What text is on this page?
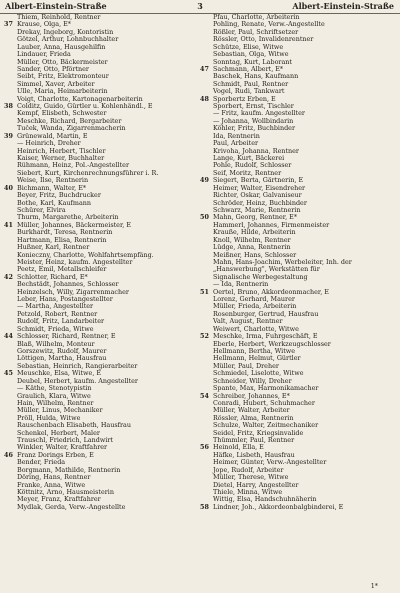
Albert-Einstein-Straße	3	Albert-Einstein-Straße
Thiem, Reinhold, Rentner
37 Krause, Olga, E*
Drekay, Ingeborg, Kontoristin
Götzel, Arthur, Lohnbuchhalter
Lauber, Anna, Hausgehilfin
Lindauer, Frieda
Müller, Otto, Bäckermeister
Sander, Otto, Pförtner
Seibt, Fritz, Elektromonteur
Simmel, Xaver, Arbeiter
Ulle, Maria, Heimarbeiterin
Voigt, Charlotte, Kartonagenarbeiterin
38 Colditz, Guido, Gürtler u. Kohlenhändl., E
Kempf, Elisbeth, Schwester
Meschke, Richard, Bergarbeiter
Tuček, Wanda, Zigarrenmacherin
39 Grünewald, Martin, E
— Heinrich, Dreher
Heinrich, Herbert, Tischler
Kaiser, Werner, Buchhalter
Rühmann, Heinz, Pol.-Angestellter
Siebert, Kurt, Kirchenrechnungsführer i. R.
Weise, Ilse, Rentnerin
40 Bichmann, Walter, E*
Beyer, Fritz, Buchdrucker
Bothe, Karl, Kaufmann
Schürer, Elvira
Thurm, Margarethe, Arbeiterin
41 Müller, Johannes, Bäckermeister, E
Burkhardt, Teresa, Rentnerin
Hartmann, Elisa, Rentnerin
Hußner, Karl, Rentner
Konieczny, Charlotte, Wohlfahrtsempfäng.
Meister, Heinz, kaufm. Angestellter
Peetz, Emil, Metallschleifer
42 Schlotter, Richard, E*
Bechstädt, Johannes, Schlosser
Heinzelsch, Willy, Zigarrenmacher
Leber, Hans, Postangestellter
— Martha, Angestellter
Petzold, Robert, Rentner
Rudolf, Fritz, Landarbeiter
Schmidt, Frieda, Witwe
44 Schlosser, Richard, Rentner, E
Blaß, Wilhelm, Monteur
Gorszewitz, Rudolf, Maurer
Löttigen, Martha, Hausfrau
Sebastian, Heinrich, Rangierarbeiter
45 Meuschke, Elsa, Witwe, E
Deubel, Herbert, kaufm. Angestellter
— Käthe, Stenotypistin
Graulich, Klara, Witwe
Hain, Wilhelm, Rentner
Müller, Linus, Mechaniker
Pröll, Hulda, Witwe
Rauschenbach Elisabeth, Hausfrau
Schenkel, Herbert, Maler
Trauschl, Friedrich, Landwirt
Winkler, Walter, Kraftfahrer
46 Franz Dorings Erben, E
Bender, Frieda
Borgmann, Mathilde, Rentnerin
Döring, Hans, Rentner
Franke, Anna, Witwe
Köttnitz, Arno, Hausmeisterin
Meyer, Franz, Kraftfahrer
Mydlak, Gerda, Verw.-Angestellte
Pfau, Charlotte, Arbeiterin
Pohling, Renate, Verw.-Angestellte
Rößler, Paul, Schriftsetzer
Rössler, Otto, Invalidenrentner
Schütze, Elise, Witwe
Sebastian, Olga, Witwe
Sonntag, Kurt, Laborant
47 Sachmann, Albert, E*
Baschek, Hans, Kaufmann
Schmidt, Paul, Rentner
Vogel, Rudi, Tankwart
48 Sporbertz Erben, E
Sporbert, Ernst, Tischler
— Fritz, kaufm. Angestellter
— Johanna, Wollbindarin
Köhler, Fritz, Buchbinder
Ida, Rentnerin
Paul, Arbeiter
Krivoha, Johanna, Rentner
Lange, Kurt, Bäckerei
Pohle, Rudolf, Schlosser
Seif, Moritz, Rentner
49 Siegert, Berta, Gärtnerin, E
Heimer, Walter, Eisendreher
Richter, Oskar, Galvaniseur
Schröder, Heinz, Buchbinder
Schwarz, Marie, Rentnerin
50 Mahn, Georg, Rentner, E*
Hammerl, Johannes, Firmenmeister
Krauße, Hilde, Arbeiterin
Knoll, Wilhelm, Rentner
Lüdge, Anna, Rentnerin
Meißner, Hans, Schlosser
Mahn, Hans-Joachim, Werbeleiter, Inh. der
„Hanswerbung", Werkstätten für
Signalische Werbegestaltung
— Ida, Rentnerin
51 Oertel, Bruno, Akkordeonmacher, E
Lorenz, Gerhard, Maurer
Müller, Frieda, Arbeiterin
Rosenburger, Gertrud, Hausfrau
Valt, August, Rentner
Weiwert, Charlotte, Witwe
52 Meschke, Irma, Fuhrgeschäft, E
Eberle, Herbert, Werkzeugschlosser
Hellmann, Bertha, Witwe
Hellmann, Helmut, Gürtler
Müller, Paul, Dreher
Schmiedel, Liselotte, Witwe
Schneider, Willy, Dreher
Spante, Max, Harmonikamacher
54 Schreiber, Johannes, E*
Conradi, Hubert, Schuhmacher
Müller, Walter, Arbeiter
Rössler, Alma, Rentnerin
Schulze, Walter, Zeitmechaniker
Seidel, Fritz, Kriegsinvalide
Thümmler, Paul, Rentner
56 Heinold, Ella, E
Häfke, Lisbeth, Hausfrau
Heimer, Günter, Verw.-Angestellter
Jope, Rudolf, Arbeiter
Müller, Therese, Witwe
Dietel, Harry, Angestellter
Thiele, Minna, Witwe
Wittig, Elsa, Handschuhnäherin
58 Lindner, Joh., Akkordeonbalgbinderei, E
1*
